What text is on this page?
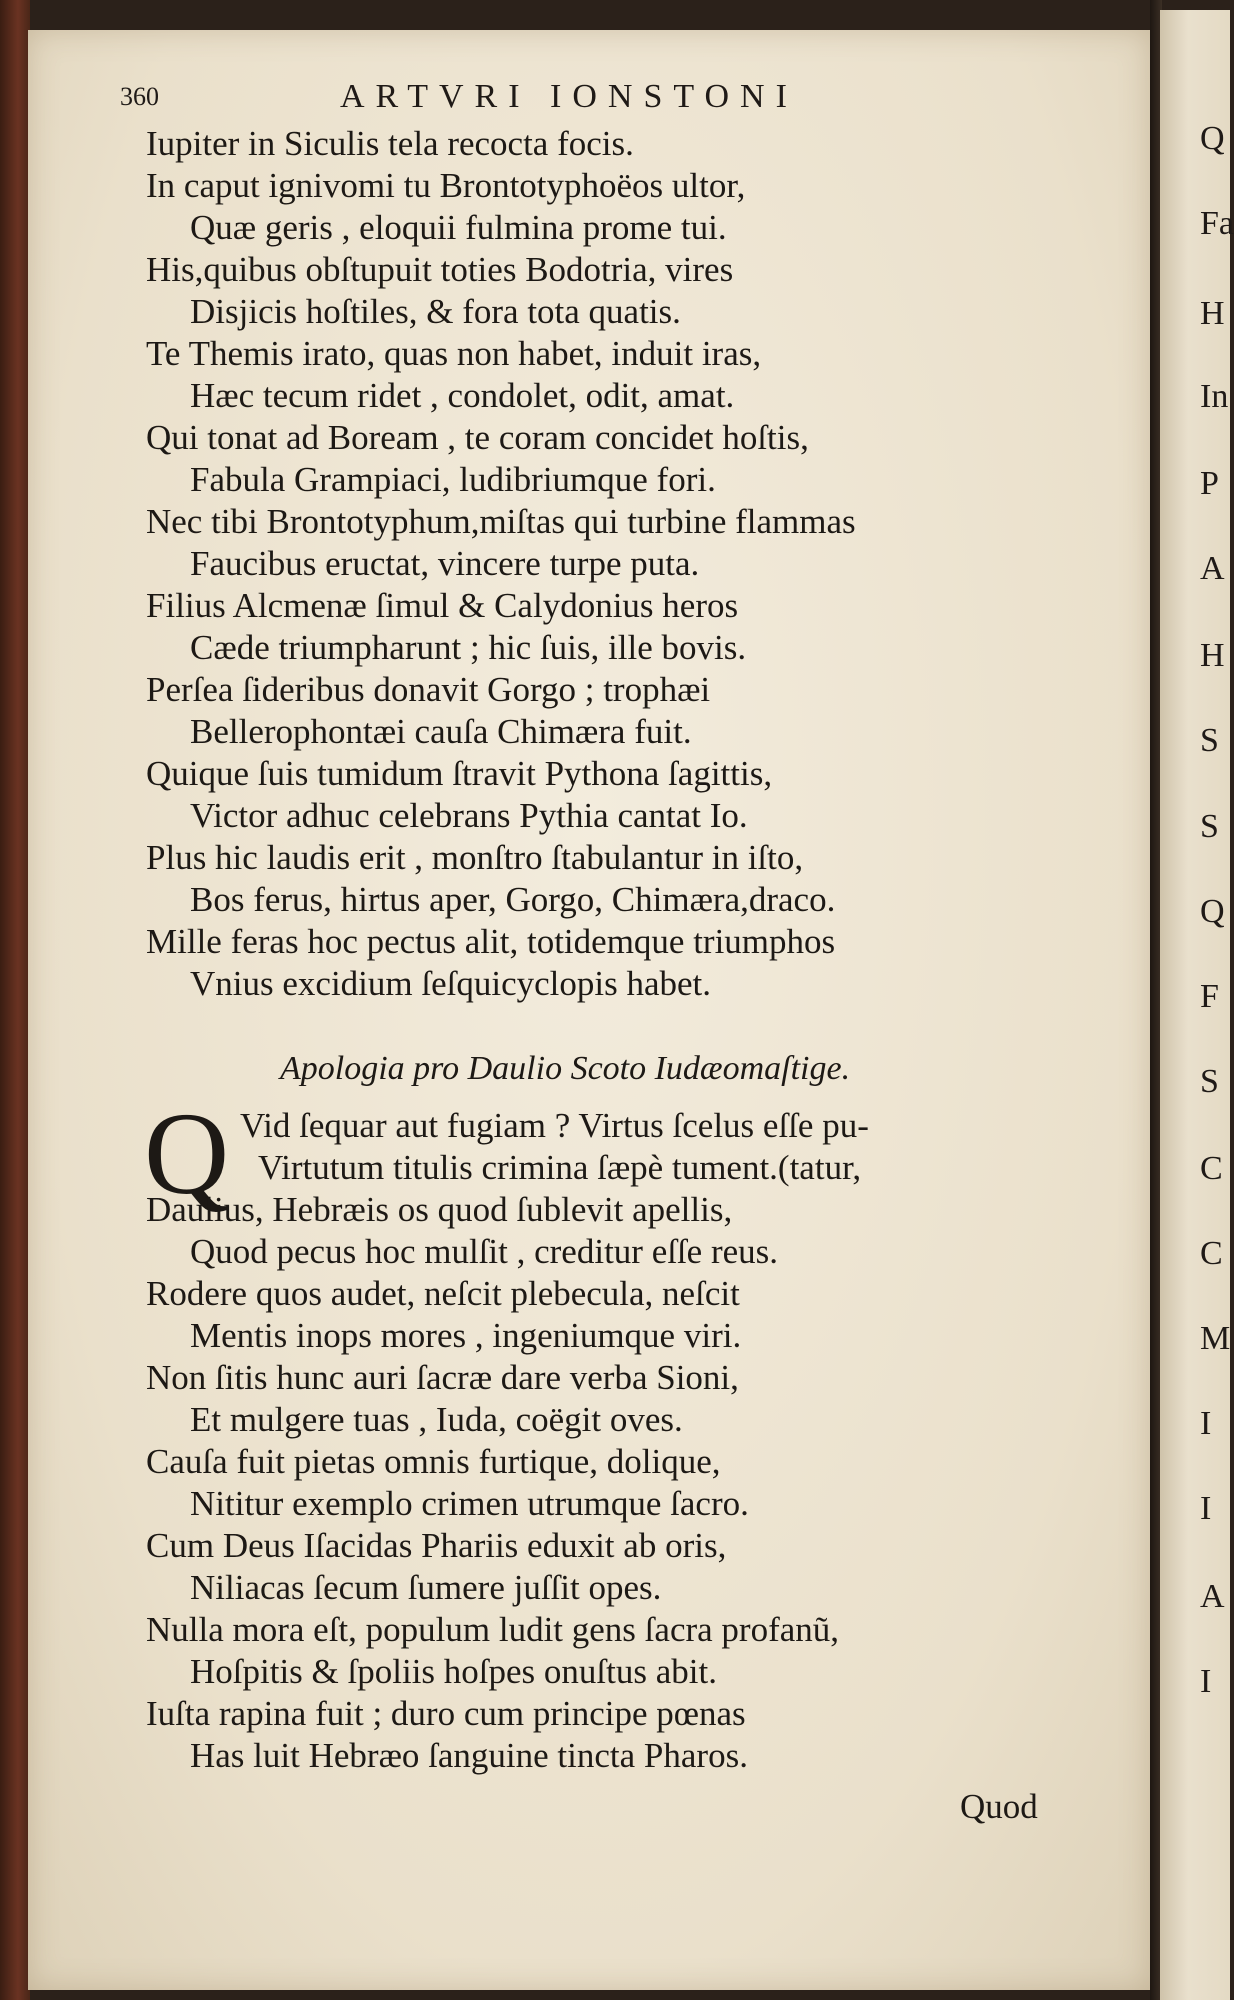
360	ARTVRI IONSTONI
Iupiter in Siculis tela recocta focis.
In caput ignivomi tu Brontotyphoëos ultor,
Quæ geris , eloquii fulmina prome tui.
His,quibus obſtupuit toties Bodotria, vires
Disjicis hoſtiles, & fora tota quatis.
Te Themis irato, quas non habet, induit iras,
Hæc tecum ridet , condolet, odit, amat.
Qui tonat ad Boream , te coram concidet hoſtis,
Fabula Grampiaci, ludibriumque fori.
Nec tibi Brontotyphum,miſtas qui turbine flammas
Faucibus eructat, vincere turpe puta.
Filius Alcmenæ ſimul & Calydonius heros
Cæde triumpharunt ; hic ſuis, ille bovis.
Perſea ſideribus donavit Gorgo ; trophæi
Bellerophontæi cauſa Chimæra fuit.
Quique ſuis tumidum ſtravit Pythona ſagittis,
Victor adhuc celebrans Pythia cantat Io.
Plus hic laudis erit , monſtro ſtabulantur in iſto,
Bos ferus, hirtus aper, Gorgo, Chimæra,draco.
Mille feras hoc pectus alit, totidemque triumphos
Vnius excidium ſeſquicyclopis habet.
Apologia pro Daulio Scoto Iudæomaſtige.
Q Vid ſequar aut fugiam ? Virtus ſcelus eſſe pu-
Virtutum titulis crimina ſæpè tument.(tatur,
Daulius, Hebræis os quod ſublevit apellis,
Quod pecus hoc mulſit , creditur eſſe reus.
Rodere quos audet, neſcit plebecula, neſcit
Mentis inops mores , ingeniumque viri.
Non ſitis hunc auri ſacræ dare verba Sioni,
Et mulgere tuas , Iuda, coëgit oves.
Cauſa fuit pietas omnis furtique, dolique,
Nititur exemplo crimen utrumque ſacro.
Cum Deus Iſacidas Phariis eduxit ab oris,
Niliacas ſecum ſumere juſſit opes.
Nulla mora eſt, populum ludit gens ſacra profanũ,
Hoſpitis & ſpoliis hoſpes onuſtus abit.
Iuſta rapina fuit ; duro cum principe pœnas
Has luit Hebræo ſanguine tincta Pharos.
Quod
Q
Fa
H
In
P
A
H
S
S
Q
F
S
C
C
M
I
I
A
I
